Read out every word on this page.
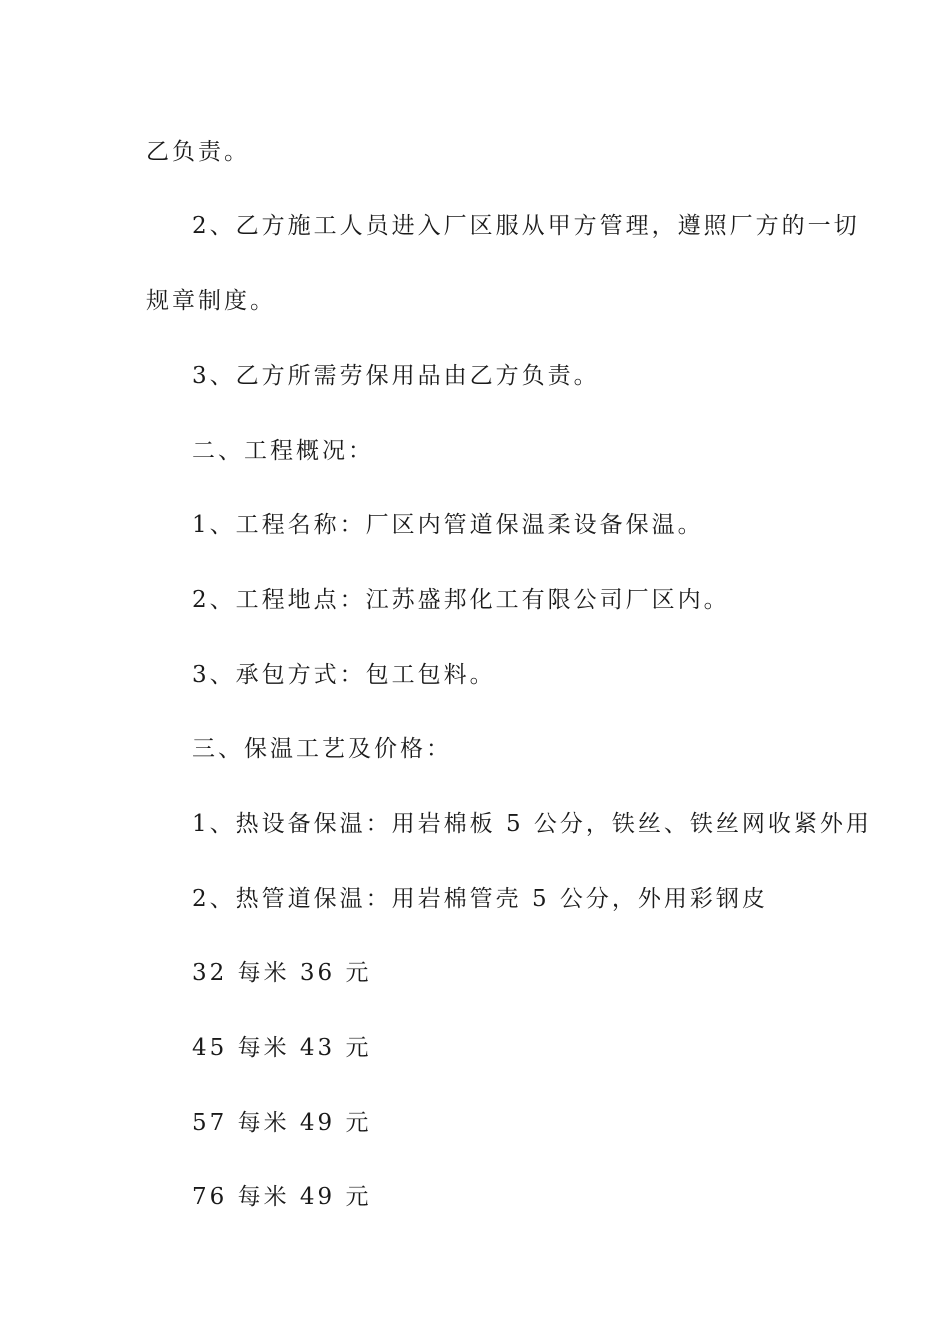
乙负责。
2、乙方施工人员进入厂区服从甲方管理，遵照厂方的一切
规章制度。
3、乙方所需劳保用品由乙方负责。
二、工程概况：
1、工程名称：厂区内管道保温柔设备保温。
2、工程地点：江苏盛邦化工有限公司厂区内。
3、承包方式：包工包料。
三、保温工艺及价格：
1、热设备保温：用岩棉板 5 公分，铁丝、铁丝网收紧外用
2、热管道保温：用岩棉管壳 5 公分，外用彩钢皮
32 每米 36 元
45 每米 43 元
57 每米 49 元
76 每米 49 元
